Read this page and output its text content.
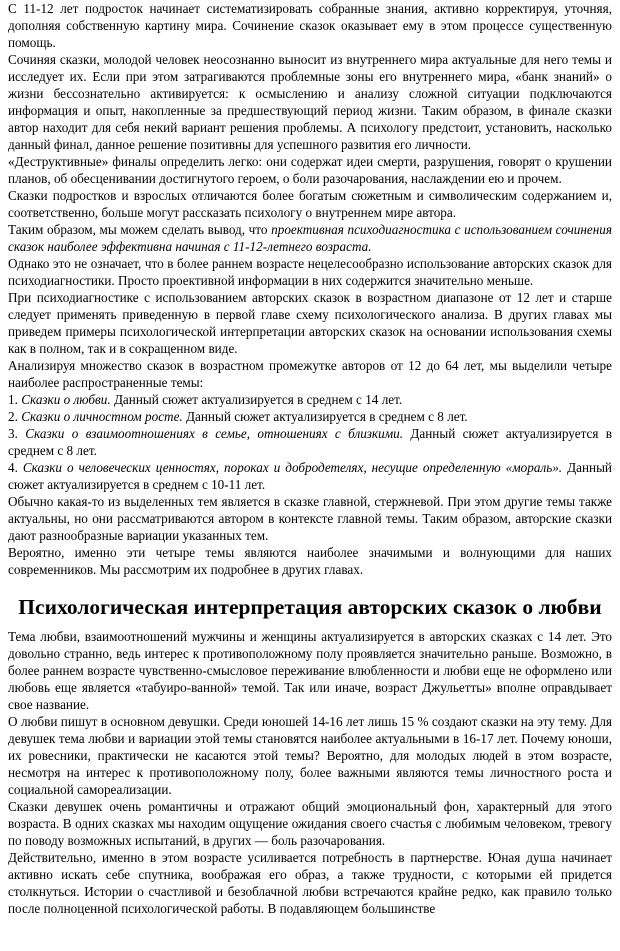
С 11-12 лет подросток начинает систематизировать собранные знания, активно корректируя, уточняя, дополняя собственную картину мира. Сочинение сказок оказывает ему в этом процессе существенную помощь.

Сочиняя сказки, молодой человек неосознанно выносит из внутреннего мира актуальные для него темы и исследует их. Если при этом затрагиваются проблемные зоны его внутреннего мира, «банк знаний» о жизни бессознательно активируется: к осмыслению и анализу сложной ситуации подключаются информация и опыт, накопленные за предшествующий период жизни. Таким образом, в финале сказки автор находит для себя некий вариант решения проблемы. А психологу предстоит, установить, насколько данный финал, данное решение позитивны для успешного развития его личности.

«Деструктивные» финалы определить легко: они содержат идеи смерти, разрушения, говорят о крушении планов, об обесценивании достигнутого героем, о боли разочарования, наслаждении ею и прочем.

Сказки подростков и взрослых отличаются более богатым сюжетным и символическим содержанием и, соответственно, больше могут рассказать психологу о внутреннем мире автора.

Таким образом, мы можем сделать вывод, что проективная психодиагностика с использованием сочинения сказок наиболее эффективна начиная с 11-12-летнего возраста.

Однако это не означает, что в более раннем возрасте нецелесообразно использование авторских сказок для психодиагностики. Просто проективной информации в них содержится значительно меньше.

При психодиагностике с использованием авторских сказок в возрастном диапазоне от 12 лет и старше следует применять приведенную в первой главе схему психологического анализа. В других главах мы приведем примеры психологической интерпретации авторских сказок на основании использования схемы как в полном, так и в сокращенном виде.

Анализируя множество сказок в возрастном промежутке авторов от 12 до 64 лет, мы выделили четыре наиболее распространенные темы:

1. Сказки о любви. Данный сюжет актуализируется в среднем с 14 лет.

2. Сказки о личностном росте. Данный сюжет актуализируется в среднем с 8 лет.

3. Сказки о взаимоотношениях в семье, отношениях с близкими. Данный сюжет актуализируется в среднем с 8 лет.

4. Сказки о человеческих ценностях, пороках и добродетелях, несущие определенную «мораль». Данный сюжет актуализируется в среднем с 10-11 лет.

Обычно какая-то из выделенных тем является в сказке главной, стержневой. При этом другие темы также актуальны, но они рассматриваются автором в контексте главной темы. Таким образом, авторские сказки дают разнообразные вариации указанных тем.

Вероятно, именно эти четыре темы являются наиболее значимыми и волнующими для наших современников. Мы рассмотрим их подробнее в других главах.

Психологическая интерпретация авторских сказок о любви

Тема любви, взаимоотношений мужчины и женщины актуализируется в авторских сказках с 14 лет. Это довольно странно, ведь интерес к противоположному полу проявляется значительно раньше. Возможно, в более раннем возрасте чувственно-смысловое переживание влюбленности и любви еще не оформлено или любовь еще является «табуиро-ванной» темой. Так или иначе, возраст Джульетты» вполне оправдывает свое название.

О любви пишут в основном девушки. Среди юношей 14-16 лет лишь 15 % создают сказки на эту тему. Для девушек тема любви и вариации этой темы становятся наиболее актуальными в 16-17 лет. Почему юноши, их ровесники, практически не касаются этой темы? Вероятно, для молодых людей в этом возрасте, несмотря на интерес к противоположному полу, более важными являются темы личностного роста и социальной самореализации.

Сказки девушек очень романтичны и отражают общий эмоциональный фон, характерный для этого возраста. В одних сказках мы находим ощущение ожидания своего счастья с любимым человеком, тревогу по поводу возможных испытаний, в других — боль разочарования.

Действительно, именно в этом возрасте усиливается потребность в партнерстве. Юная душа начинает активно искать себе спутника, воображая его образ, а также трудности, с которыми ей придется столкнуться. Истории о счастливой и безоблачной любви встречаются крайне редко, как правило только после полноценной психологической работы. В подавляющем большинстве
